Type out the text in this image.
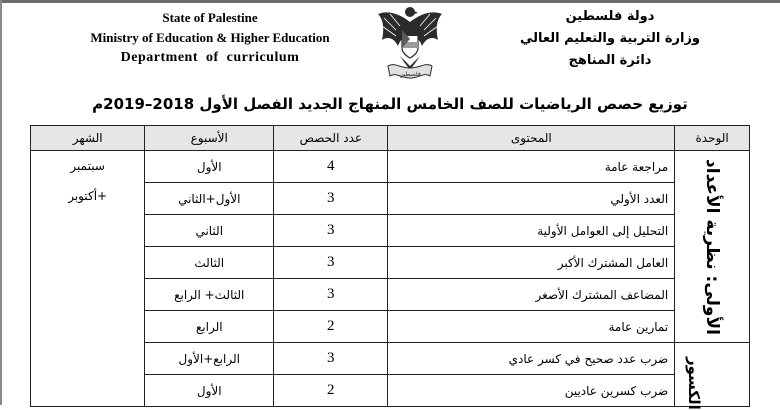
State of Palestine
Ministry of Education & Higher Education
Department of curriculum
فلسطين
دولة فلسطين
وزارة التربية والتعليم العالي
دائرة المناهج
توزيع حصص الرياضيات للصف الخامس المنهاج الجديد الفصل الأول 2018–2019م
الوحدة	المحتوى	عدد الحصص	الأسبوع	الشهر

الأولى: نظرية الأعداد	مراجعة عامة	4	الأول	سبتمبر
+أكتوبر

	العدد الأولي	3	الأول+الثاني	
	التحليل إلى العوامل الأولية	3	الثاني	
	العامل المشترك الأكبر	3	الثالث	
	المضاعف المشترك الأصغر	3	الثالث+ الرابع	
	تمارين عامة	2	الرابع	

الكسور	ضرب عدد صحيح في كسر عادي	3	الرابع+الأول	
	ضرب كسرين عاديين	2	الأول	
